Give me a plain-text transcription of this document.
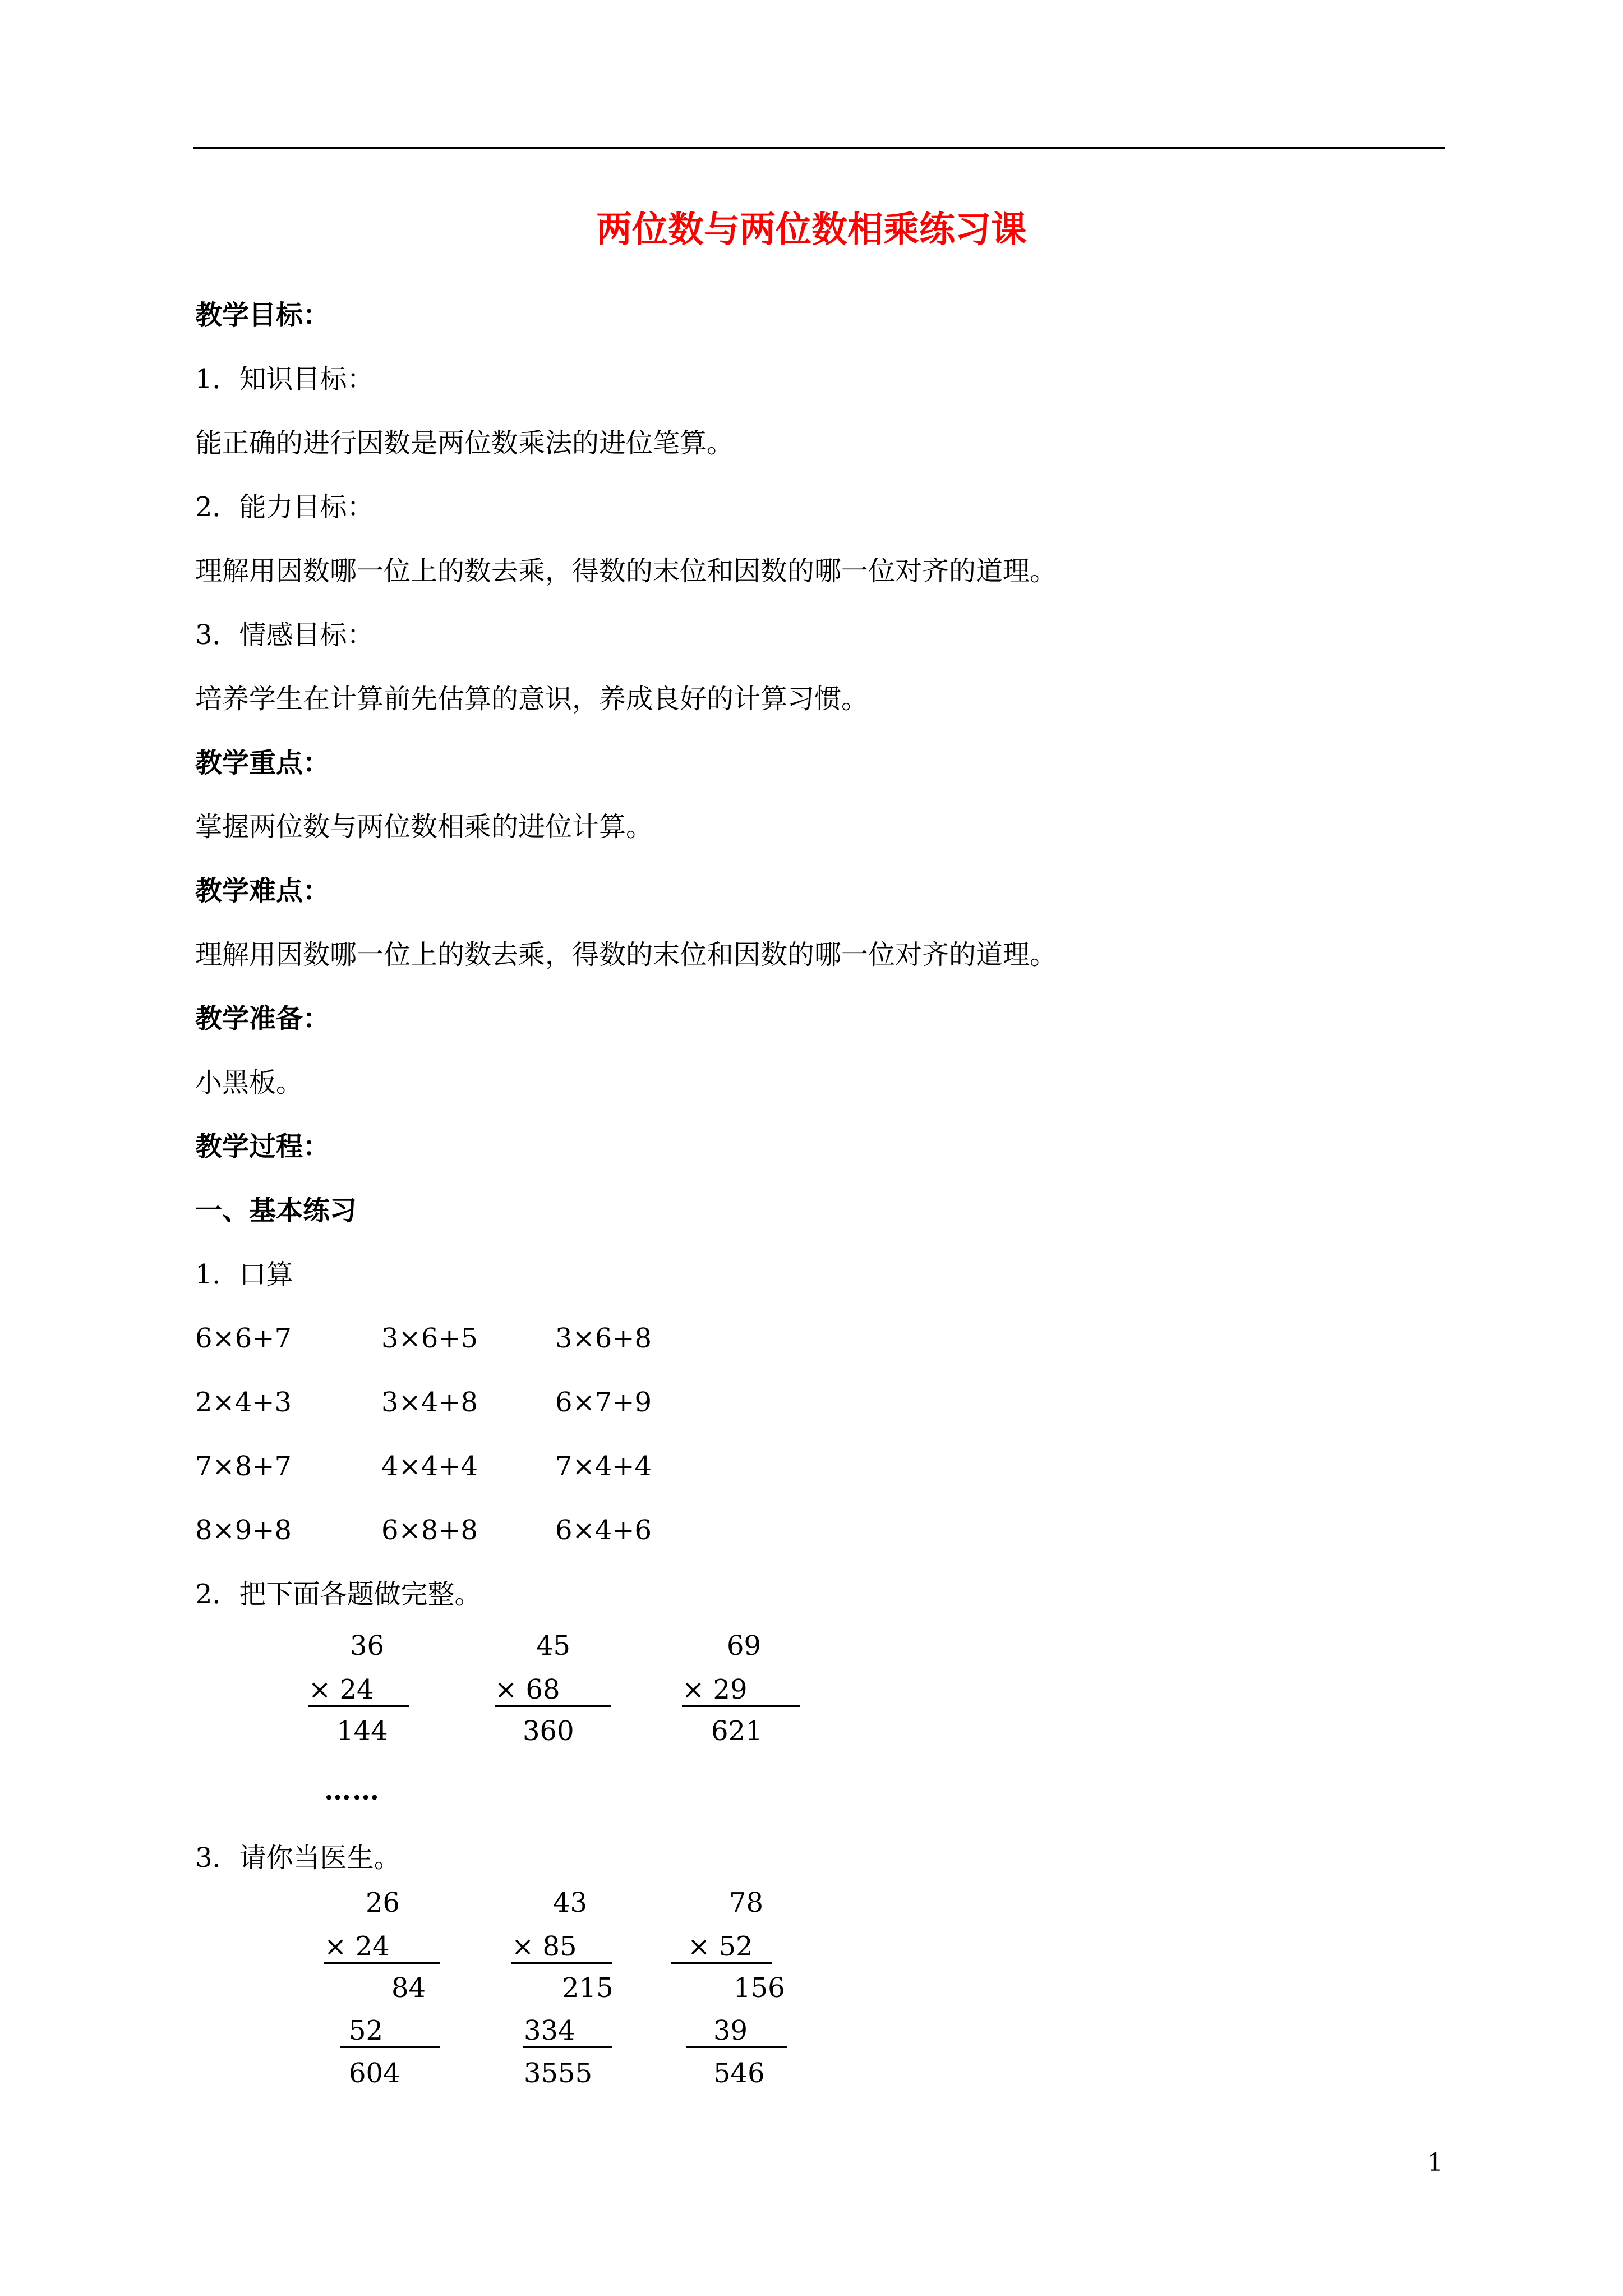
两位数与两位数相乘练习课
教学目标：
1．知识目标：
能正确的进行因数是两位数乘法的进位笔算。
2．能力目标：
理解用因数哪一位上的数去乘，得数的末位和因数的哪一位对齐的道理。
3．情感目标：
培养学生在计算前先估算的意识，养成良好的计算习惯。
教学重点：
掌握两位数与两位数相乘的进位计算。
教学难点：
理解用因数哪一位上的数去乘，得数的末位和因数的哪一位对齐的道理。
教学准备：
小黑板。
教学过程：
一、基本练习
1．口算
6×6+7	3×6+5	3×6+8
2×4+3	3×4+8	6×7+9
7×8+7	4×4+4	7×4+4
8×9+8	6×8+8	6×4+6
2．把下面各题做完整。
36
× 24
144
45
× 68
360
69
× 29
621
……
3．请你当医生。
26
× 24
84
52
604
43
× 85
215
334
3555
78
× 52
156
39
546
1
